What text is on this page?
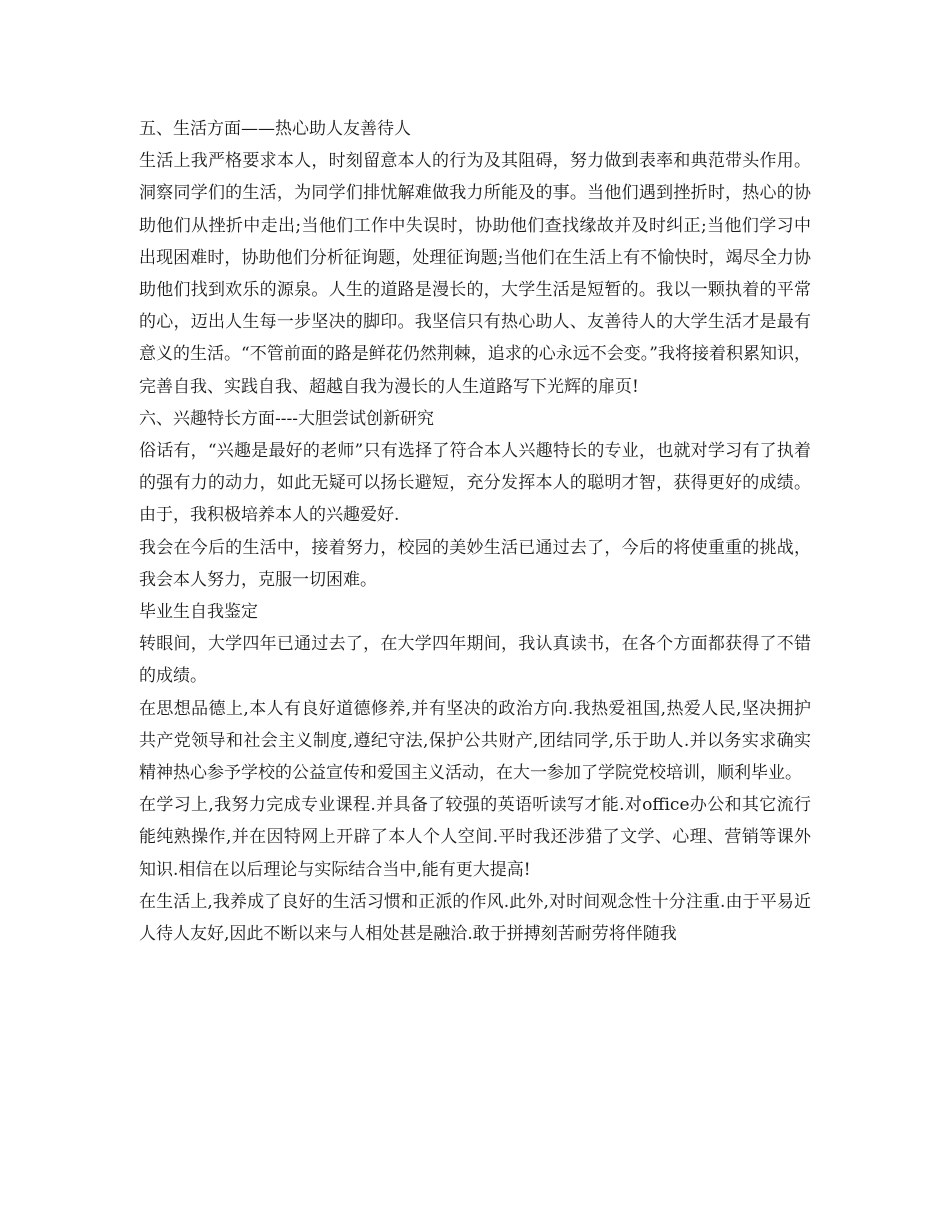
五、生活方面——热心助人友善待人

生活上我严格要求本人，时刻留意本人的行为及其阻碍，努力做到表率和典范带头作用。洞察同学们的生活，为同学们排忧解难做我力所能及的事。当他们遇到挫折时，热心的协助他们从挫折中走出;当他们工作中失误时，协助他们查找缘故并及时纠正;当他们学习中出现困难时，协助他们分析征询题，处理征询题;当他们在生活上有不愉快时，竭尽全力协助他们找到欢乐的源泉。人生的道路是漫长的，大学生活是短暂的。我以一颗执着的平常的心，迈出人生每一步坚决的脚印。我坚信只有热心助人、友善待人的大学生活才是最有意义的生活。“不管前面的路是鲜花仍然荆棘，追求的心永远不会变。”我将接着积累知识，完善自我、实践自我、超越自我为漫长的人生道路写下光辉的扉页!

六、兴趣特长方面----大胆尝试创新研究

俗话有，“兴趣是最好的老师”只有选择了符合本人兴趣特长的专业，也就对学习有了执着的强有力的动力，如此无疑可以扬长避短，充分发挥本人的聪明才智，获得更好的成绩。由于，我积极培养本人的兴趣爱好.

我会在今后的生活中，接着努力，校园的美妙生活已通过去了，今后的将使重重的挑战，我会本人努力，克服一切困难。

毕业生自我鉴定

转眼间，大学四年已通过去了，在大学四年期间，我认真读书，在各个方面都获得了不错的成绩。

在思想品德上,本人有良好道德修养,并有坚决的政治方向.我热爱祖国,热爱人民,坚决拥护共产党领导和社会主义制度,遵纪守法,保护公共财产,团结同学,乐于助人.并以务实求确实精神热心参予学校的公益宣传和爱国主义活动，在大一参加了学院党校培训，顺利毕业。

在学习上,我努力完成专业课程.并具备了较强的英语听读写才能.对office办公和其它流行能纯熟操作,并在因特网上开辟了本人个人空间.平时我还涉猎了文学、心理、营销等课外知识.相信在以后理论与实际结合当中,能有更大提高!

在生活上,我养成了良好的生活习惯和正派的作风.此外,对时间观念性十分注重.由于平易近人待人友好,因此不断以来与人相处甚是融洽.敢于拼搏刻苦耐劳将伴随我
